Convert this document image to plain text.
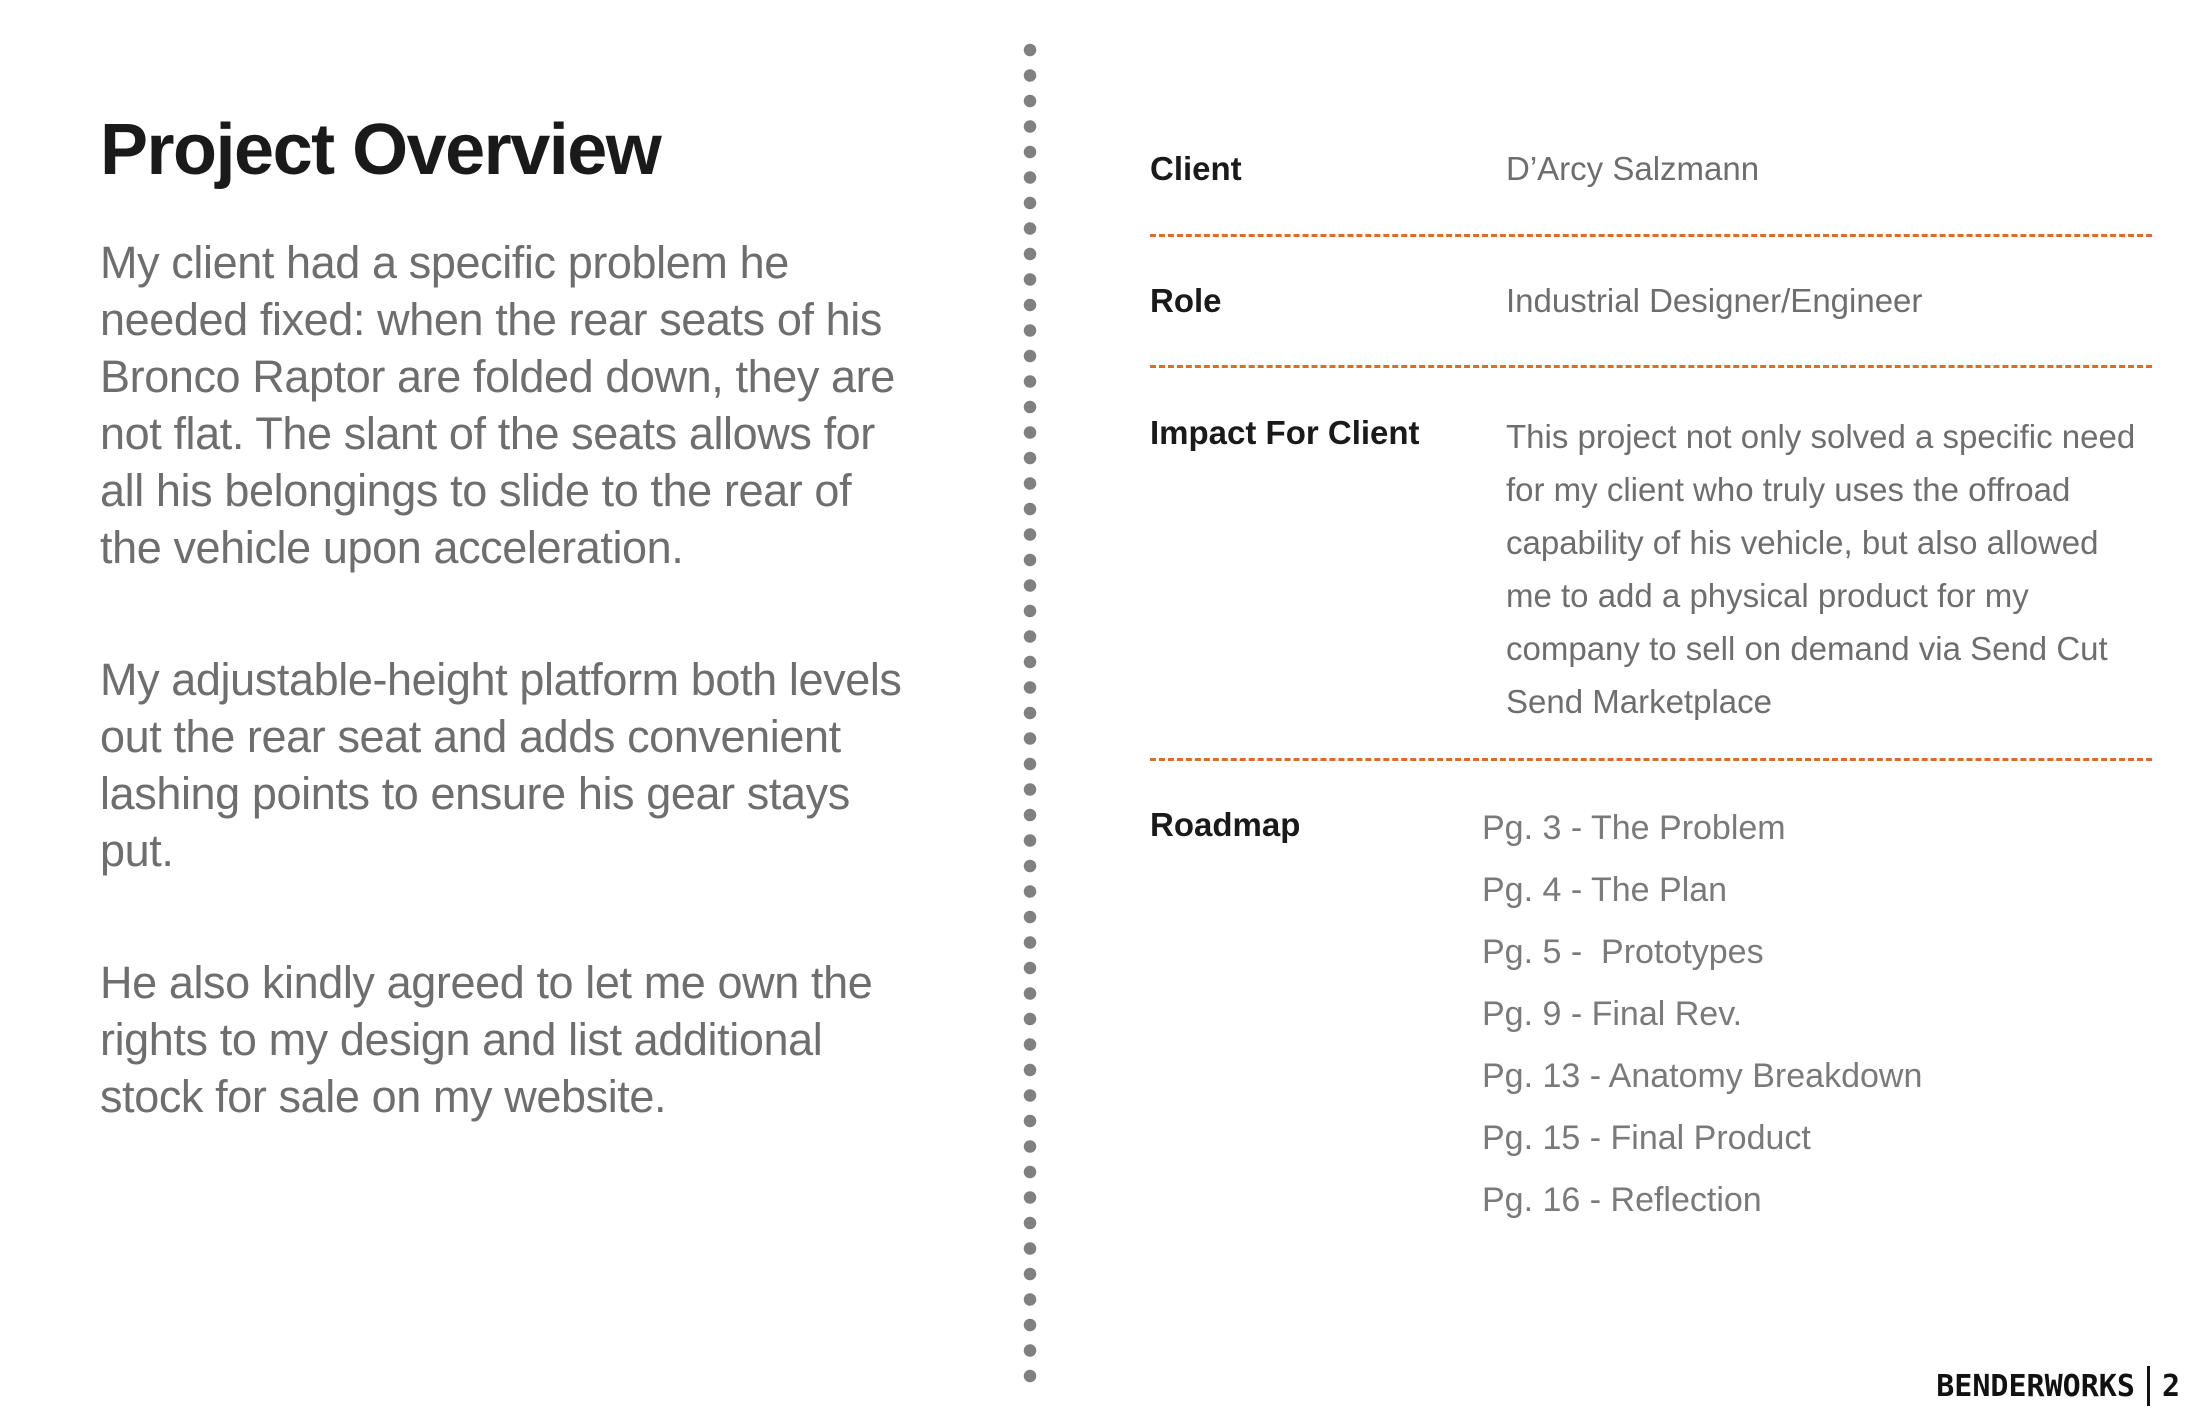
Project Overview

My client had a specific problem he needed fixed: when the rear seats of his Bronco Raptor are folded down, they are not flat. The slant of the seats allows for all his belongings to slide to the rear of the vehicle upon acceleration.

My adjustable-height platform both levels out the rear seat and adds convenient lashing points to ensure his gear stays put.

He also kindly agreed to let me own the rights to my design and list additional stock for sale on my website.

Client	D’Arcy Salzmann
Role	Industrial Designer/Engineer
Impact For Client	This project not only solved a specific need for my client who truly uses the offroad capability of his vehicle, but also allowed me to add a physical product for my company to sell on demand via Send Cut Send Marketplace
Roadmap	Pg. 3 - The Problem
Pg. 4 - The Plan
Pg. 5 -  Prototypes
Pg. 9 - Final Rev.
Pg. 13 - Anatomy Breakdown
Pg. 15 - Final Product
Pg. 16 - Reflection
BENDERWORKS 2
